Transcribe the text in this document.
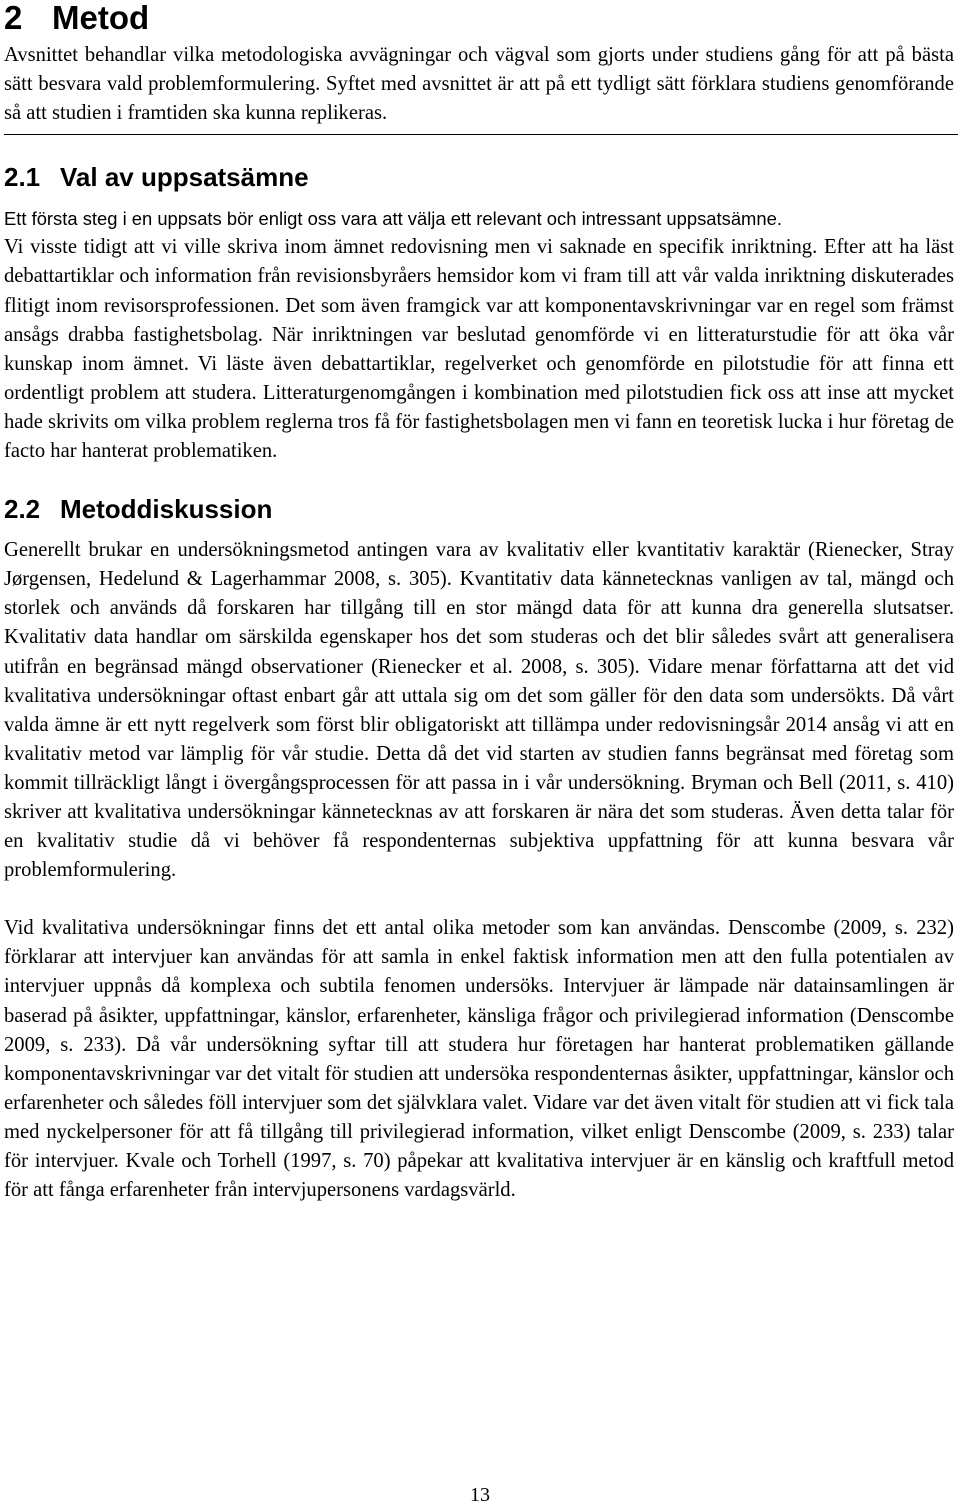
2 Metod

Avsnittet behandlar vilka metodologiska avvägningar och vägval som gjorts under studiens gång för att på bästa sätt besvara vald problemformulering. Syftet med avsnittet är att på ett tydligt sätt förklara studiens genomförande så att studien i framtiden ska kunna replikeras.

2.1 Val av uppsatsämne

Ett första steg i en uppsats bör enligt oss vara att välja ett relevant och intressant uppsatsämne.

Vi visste tidigt att vi ville skriva inom ämnet redovisning men vi saknade en specifik inriktning. Efter att ha läst debattartiklar och information från revisionsbyråers hemsidor kom vi fram till att vår valda inriktning diskuterades flitigt inom revisorsprofessionen. Det som även framgick var att komponentavskrivningar var en regel som främst ansågs drabba fastighetsbolag. När inriktningen var beslutad genomförde vi en litteraturstudie för att öka vår kunskap inom ämnet. Vi läste även debattartiklar, regelverket och genomförde en pilotstudie för att finna ett ordentligt problem att studera. Litteraturgenomgången i kombination med pilotstudien fick oss att inse att mycket hade skrivits om vilka problem reglerna tros få för fastighetsbolagen men vi fann en teoretisk lucka i hur företag de facto har hanterat problematiken.

2.2 Metoddiskussion

Generellt brukar en undersökningsmetod antingen vara av kvalitativ eller kvantitativ karaktär (Rienecker, Stray Jørgensen, Hedelund & Lagerhammar 2008, s. 305). Kvantitativ data kännetecknas vanligen av tal, mängd och storlek och används då forskaren har tillgång till en stor mängd data för att kunna dra generella slutsatser. Kvalitativ data handlar om särskilda egenskaper hos det som studeras och det blir således svårt att generalisera utifrån en begränsad mängd observationer (Rienecker et al. 2008, s. 305). Vidare menar författarna att det vid kvalitativa undersökningar oftast enbart går att uttala sig om det som gäller för den data som undersökts. Då vårt valda ämne är ett nytt regelverk som först blir obligatoriskt att tillämpa under redovisningsår 2014 ansåg vi att en kvalitativ metod var lämplig för vår studie. Detta då det vid starten av studien fanns begränsat med företag som kommit tillräckligt långt i övergångsprocessen för att passa in i vår undersökning. Bryman och Bell (2011, s. 410) skriver att kvalitativa undersökningar kännetecknas av att forskaren är nära det som studeras. Även detta talar för en kvalitativ studie då vi behöver få respondenternas subjektiva uppfattning för att kunna besvara vår problemformulering.

Vid kvalitativa undersökningar finns det ett antal olika metoder som kan användas. Denscombe (2009, s. 232) förklarar att intervjuer kan användas för att samla in enkel faktisk information men att den fulla potentialen av intervjuer uppnås då komplexa och subtila fenomen undersöks. Intervjuer är lämpade när datainsamlingen är baserad på åsikter, uppfattningar, känslor, erfarenheter, känsliga frågor och privilegierad information (Denscombe 2009, s. 233). Då vår undersökning syftar till att studera hur företagen har hanterat problematiken gällande komponentavskrivningar var det vitalt för studien att undersöka respondenternas åsikter, uppfattningar, känslor och erfarenheter och således föll intervjuer som det självklara valet. Vidare var det även vitalt för studien att vi fick tala med nyckelpersoner för att få tillgång till privilegierad information, vilket enligt Denscombe (2009, s. 233) talar för intervjuer. Kvale och Torhell (1997, s. 70) påpekar att kvalitativa intervjuer är en känslig och kraftfull metod för att fånga erfarenheter från intervjupersonens vardagsvärld.

13
